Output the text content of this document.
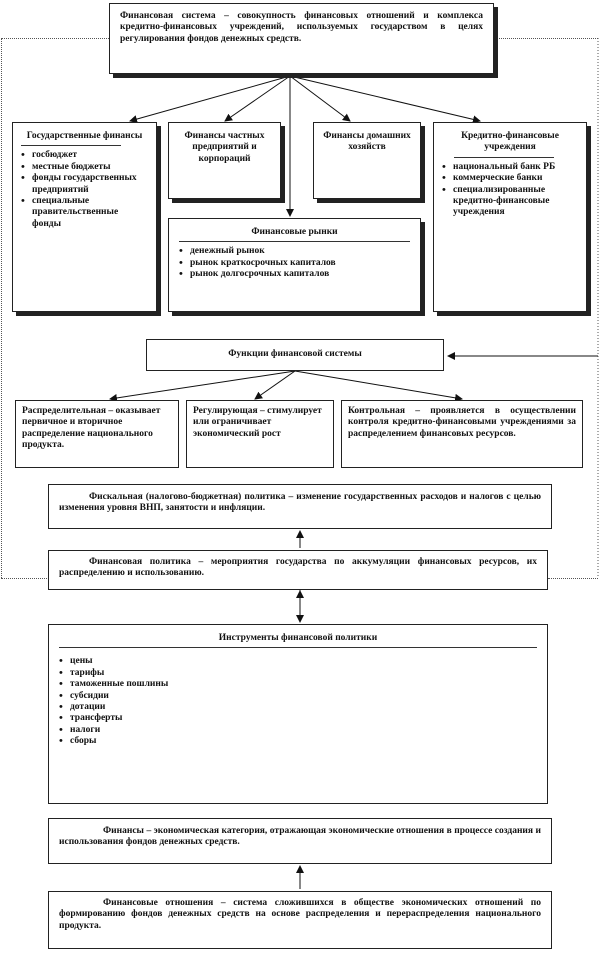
Финансовая система – совокупность финансовых отношений и комплекса кредитно-финансовых учреждений, используемых государством в целях регулирования фондов денежных средств.
Государственные финансы
• госбюджет
• местные бюджеты
• фонды государственных предприятий
• специальные правительственные фонды
Финансы частных предприятий и корпораций
Финансы домашних хозяйств
Кредитно-финансовые учреждения
• национальный банк РБ
• коммерческие банки
• специализированные кредитно-финансовые учреждения
Финансовые рынки
• денежный рынок
• рынок краткосрочных капиталов
• рынок долгосрочных капиталов
Функции финансовой системы
Распределительная – оказывает первичное и вторичное распределение национального продукта.
Регулирующая – стимулирует или ограничивает экономический рост
Контрольная – проявляется в осуществлении контроля кредитно-финансовыми учреждениями за распределением финансовых ресурсов.
Фискальная (налогово-бюджетная) политика – изменение государственных расходов и налогов с целью изменения уровня ВНП, занятости и инфляции.
Финансовая политика – мероприятия государства по аккумуляции финансовых ресурсов, их распределению и использованию.
Инструменты финансовой политики
• цены
• тарифы
• таможенные пошлины
• субсидии
• дотации
• трансферты
• налоги
• сборы
Финансы – экономическая категория, отражающая экономические отношения в процессе создания и использования фондов денежных средств.
Финансовые отношения – система сложившихся в обществе экономических отношений по формированию фондов денежных средств на основе распределения и перераспределения национального продукта.
